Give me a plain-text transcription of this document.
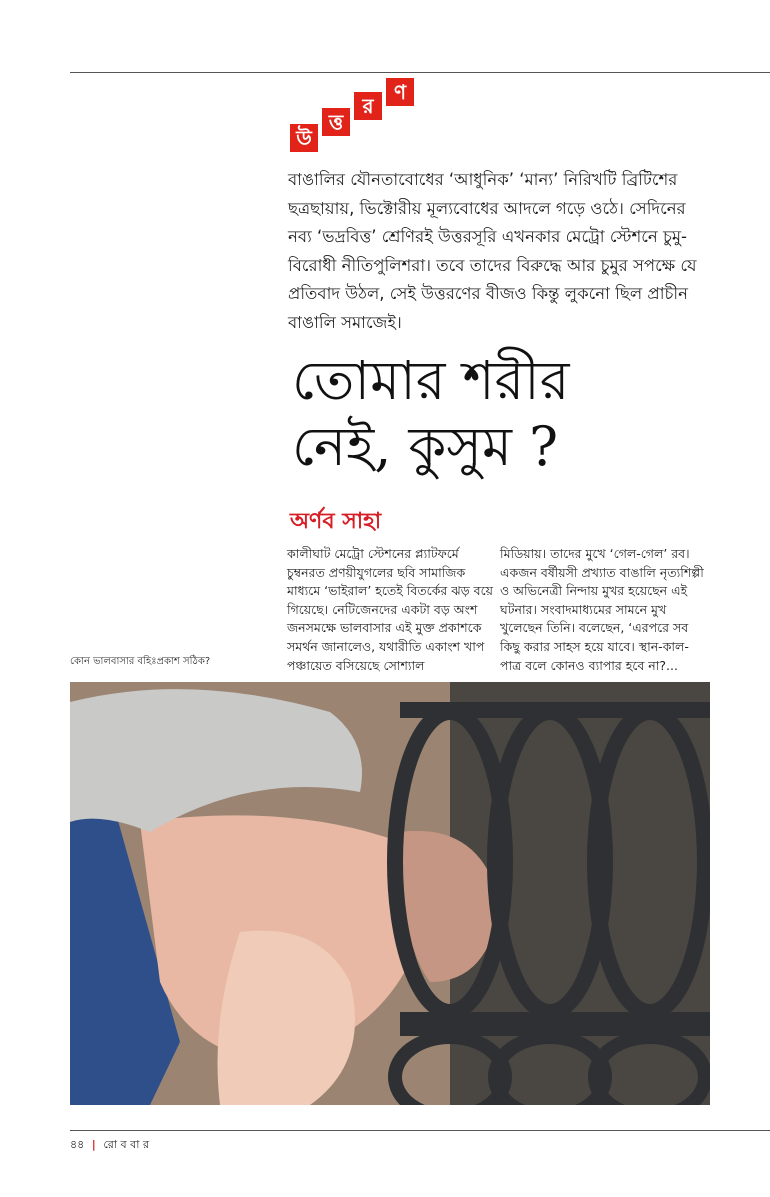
উ
ত্ত
র
ণ
বাঙালির যৌনতাবোধের ‘আধুনিক’ ‘মান্য’ নিরিখটি ব্রিটিশের ছত্রছায়ায়, ভিক্টোরীয় মূল্যবোধের আদলে গড়ে ওঠে। সেদিনের নব্য ‘ভদ্রবিত্ত’ শ্রেণিরই উত্তরসূরি এখনকার মেট্রো স্টেশনে চুমু-বিরোধী নীতিপুলিশরা। তবে তাদের বিরুদ্ধে আর চুমুর সপক্ষে যে প্রতিবাদ উঠল, সেই উত্তরণের বীজও কিন্তু লুকনো ছিল প্রাচীন বাঙালি সমাজেই।
তোমার শরীর
নেই, কুসুম ?
অর্ণব সাহা
কালীঘাট মেট্রো স্টেশনের প্ল্যাটফর্মে চুম্বনরত প্রণয়ীযুগলের ছবি সামাজিক মাধ্যমে ‘ভাইরাল’ হতেই বিতর্কের ঝড় বয়ে গিয়েছে। নেটিজেনদের একটা বড় অংশ জনসমক্ষে ভালবাসার এই মুক্ত প্রকাশকে সমর্থন জানালেও, যথারীতি একাংশ খাপ পঞ্চায়েত বসিয়েছে সোশ্যাল
মিডিয়ায়। তাদের মুখে ‘গেল-গেল’ রব। একজন বর্ষীয়সী প্রখ্যাত বাঙালি নৃত্যশিল্পী ও অভিনেত্রী নিন্দায় মুখর হয়েছেন এই ঘটনার। সংবাদমাধ্যমের সামনে মুখ খুলেছেন তিনি। বলেছেন, ‘এরপরে সব কিছু করার সাহস হয়ে যাবে। স্থান-কাল-পাত্র বলে কোনও ব্যাপার হবে না?...
কোন ভালবাসার বহিঃপ্রকাশ সঠিক?
৪৪ | রো ব বা র
